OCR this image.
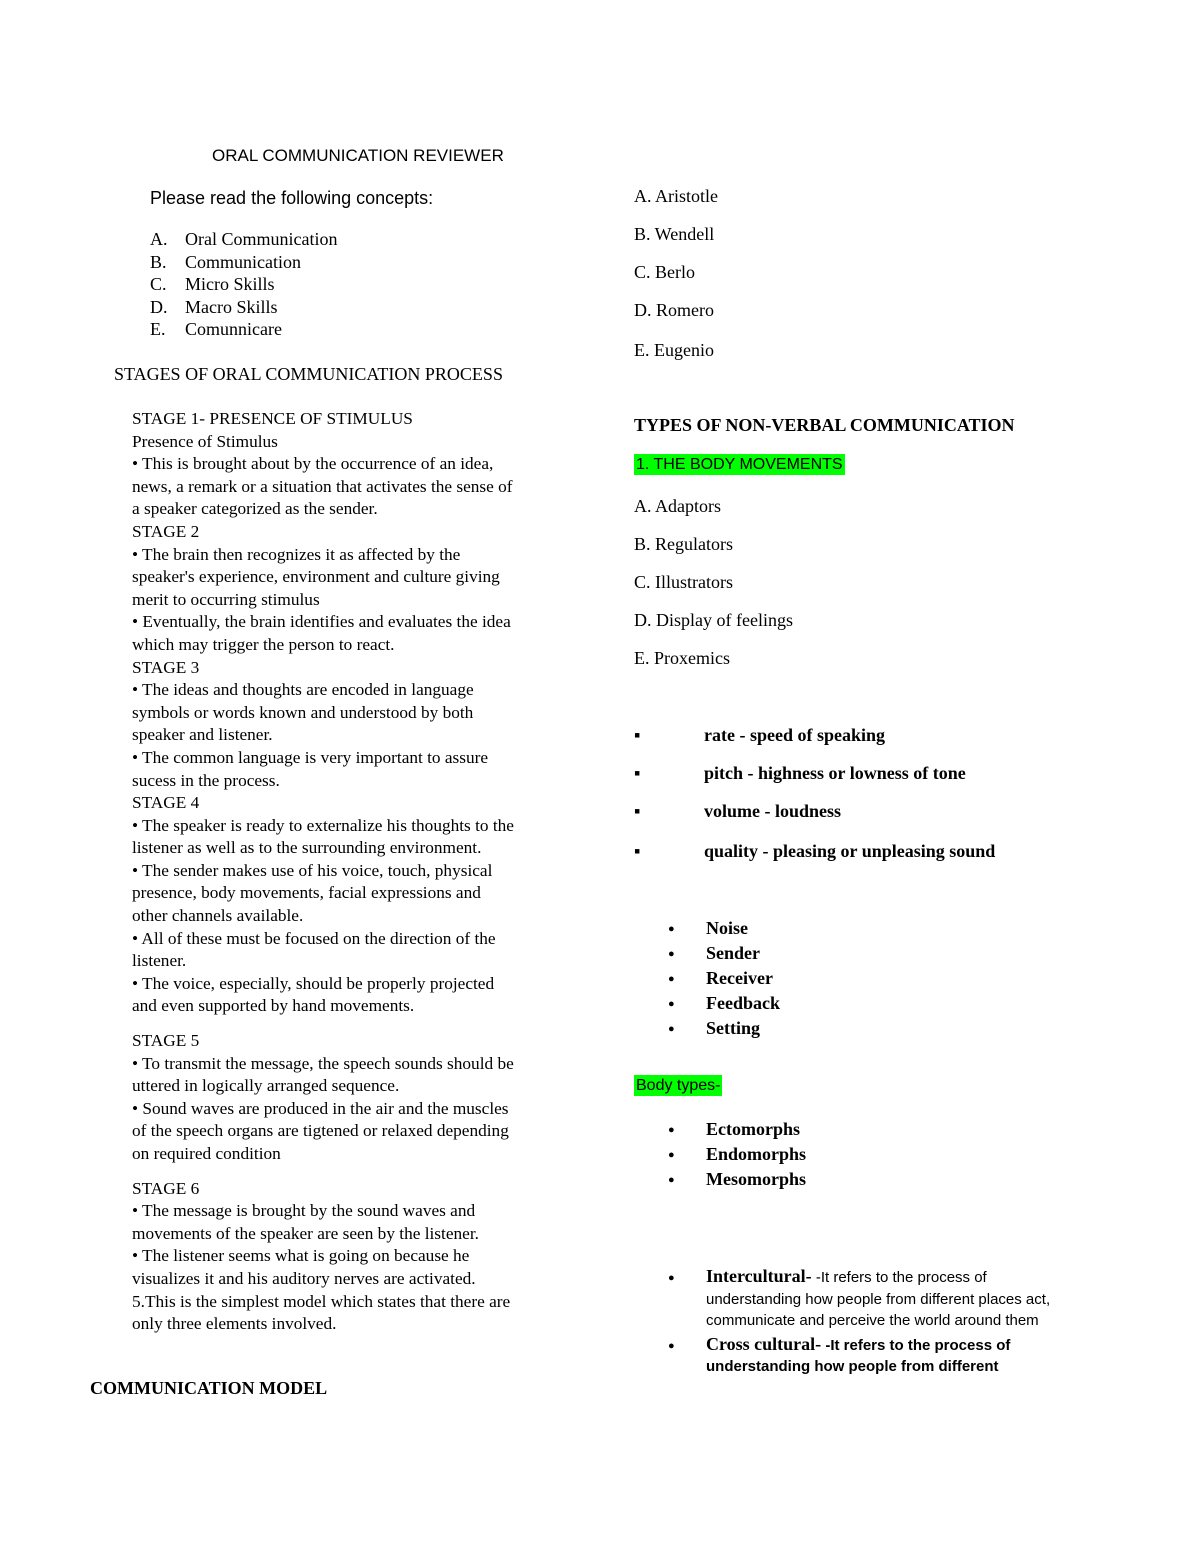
ORAL COMMUNICATION REVIEWER
Please read the following concepts:
A. Oral Communication
B.	Communication
C.	Micro Skills
D. Macro Skills
E.	Comunnicare
STAGES OF ORAL COMMUNICATION PROCESS
STAGE 1- PRESENCE OF STIMULUS
Presence of Stimulus
• This is brought about by the occurrence of an idea,
news, a remark or a situation that activates the sense of
a speaker categorized as the sender.
STAGE 2
• The brain then recognizes it as affected by the
speaker's experience, environment and culture giving
merit to occurring stimulus
• Eventually, the brain identifies and evaluates the idea
which may trigger the person to react.
STAGE 3
• The ideas and thoughts are encoded in language
symbols or words known and understood by both
speaker and listener.
• The common language is very important to assure
sucess in the process.
STAGE 4
• The speaker is ready to externalize his thoughts to the
listener as well as to the surrounding environment.
• The sender makes use of his voice, touch, physical
presence, body movements, facial expressions and
other channels available.
• All of these must be focused on the direction of the
listener.
• The voice, especially, should be properly projected
and even supported by hand movements.
STAGE 5
• To transmit the message, the speech sounds should be
uttered in logically arranged sequence.
• Sound waves are produced in the air and the muscles
of the speech organs are tigtened or relaxed depending
on required condition
STAGE 6
• The message is brought by the sound waves and
movements of the speaker are seen by the listener.
• The listener seems what is going on because he
visualizes it and his auditory nerves are activated.
5.This is the simplest model which states that there are
only three elements involved.
COMMUNICATION MODEL
A. Aristotle
B. Wendell
C. Berlo
D. Romero
E. Eugenio
TYPES OF NON-VERBAL COMMUNICATION
1. THE BODY MOVEMENTS
A. Adaptors
B. Regulators
C. Illustrators
D. Display of feelings
E. Proxemics
▪	rate - speed of speaking
▪	pitch - highness or lowness of tone
▪	volume - loudness
▪	quality - pleasing or unpleasing sound
● Noise
● Sender
● Receiver
● Feedback
● Setting
Body types-
● Ectomorphs
● Endomorphs
● Mesomorphs
●	Intercultural- -It refers to the process of understanding how people from different places act, communicate and perceive the world around them
●	Cross cultural- -It refers to the process of understanding how people from different
